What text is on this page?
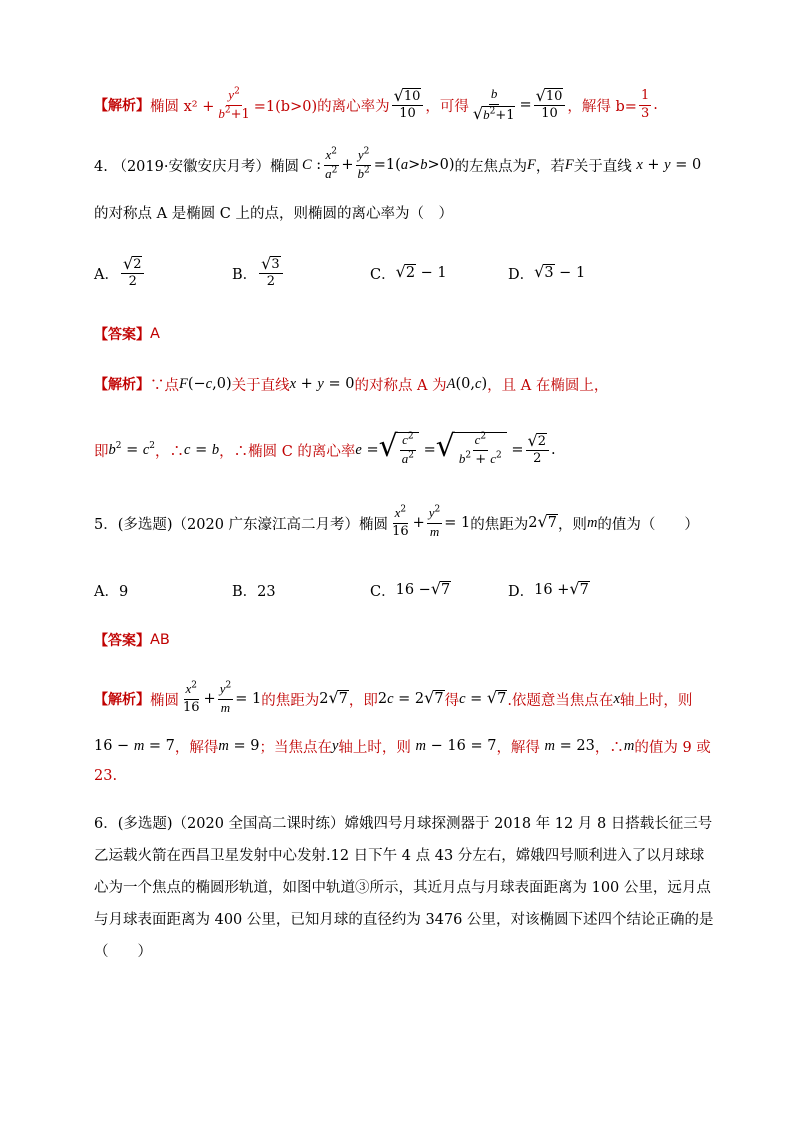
【解析】 椭圆 $x^2 + \frac{y^2}{b^2+1} =1(b>0)$的离心率为 $\frac{√ 10}{10}$ ，可得 $\frac{b}{√ b^2+1} = \frac{√ 10}{10}$ ，解得 $b= \frac{1}{3}$ .
4. （2019·安徽安庆月考）椭圆 C : $\frac{x^2}{a^2} + \frac{y^2}{b^2} =1(a>b>0)$ 的左焦点为 F ，若 F 关于直线 x + y = 0
的对称点 A 是椭圆 C 上的点，则椭圆的离心率为（　）
A． $\frac{√ 2}{2}$	B． $\frac{√ 3}{2}$	C． √ 2 − 1	D． √ 3 − 1
【答案】 A
【解析】 ∵点 F(−c,0) 关于直线 x + y = 0 的对称点 A 为 A(0,c) ，且 A 在椭圆上，
即 $b^2 = c^2$ ，∴ c = b ，∴椭圆 C 的离心率 e = √ $\frac{c^2}{a^2}$ = √ $\frac{c^2}{b^2 + c^2} = \frac{√ 2}{2}$ .
5．(多选题)（2020 广东濠江高二月考）椭圆 $\frac{x^2}{16} + \frac{y^2}{m} = 1$ 的焦距为 2 √ 7 ，则 m 的值为（　　）
A．9	B．23	C． 16 − √ 7	D． 16 + √ 7
【答案】 AB
【解析】 椭圆 $\frac{x^2}{16} + \frac{y^2}{m} = 1$ 的焦距为 2 √ 7 ，即 2c = 2 √ 7 得 c = √ 7 .依题意当焦点在 x 轴上时，则
16 − m = 7 ，解得 m = 9 ；当焦点在 y 轴上时，则 m − 16 = 7 ，解得 m = 23 ，∴ m 的值为 9 或
23.
6．(多选题)（2020 全国高二课时练）嫦娥四号月球探测器于 2018 年 12 月 8 日搭载长征三号乙运载火箭在西昌卫星发射中心发射.12 日下午 4 点 43 分左右，嫦娥四号顺利进入了以月球球心为一个焦点的椭圆形轨道，如图中轨道③所示，其近月点与月球表面距离为 100 公里，远月点与月球表面距离为 400 公里，已知月球的直径约为 3476 公里，对该椭圆下述四个结论正确的是（　　）
